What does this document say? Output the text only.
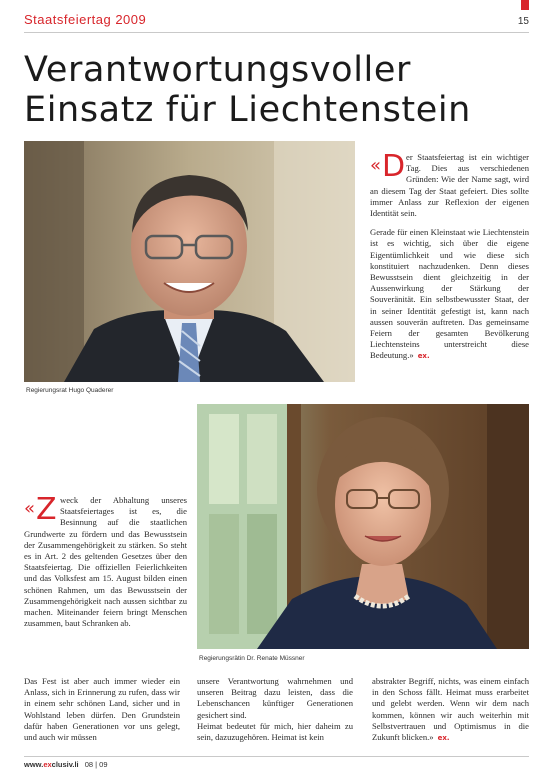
Staatsfeiertag 2009	15
Verantwortungsvoller
Einsatz für Liechtenstein
Regierungsrat Hugo Quaderer
« D er Staatsfeiertag ist ein wichtiger Tag. Dies aus verschiedenen Gründen: Wie der Name sagt, wird an diesem Tag der Staat gefeiert. Dies sollte immer Anlass zur Reflexion der eigenen Identität sein.
Gerade für einen Kleinstaat wie Liechtenstein ist es wichtig, sich über die eigene Eigentümlichkeit und wie diese sich konstituiert nachzudenken. Denn dieses Bewusstsein dient gleichzeitig in der Aussenwirkung der Stärkung der Souveränität. Ein selbstbewusster Staat, der in seiner Identität gefestigt ist, kann nach aussen souverän auftreten. Das gemeinsame Feiern der gesamten Bevölkerung Liechtensteins unterstreicht diese Bedeutung.» ex.
Regierungsrätin Dr. Renate Müssner
« Z weck der Abhaltung unseres Staatsfeiertages ist es, die Besinnung auf die staatlichen Grundwerte zu fördern und das Bewusstsein der Zusammengehörigkeit zu stärken. So steht es in Art. 2 des geltenden Gesetzes über den Staatsfeiertag. Die offiziellen Feierlichkeiten und das Volksfest am 15. August bilden einen schönen Rahmen, um das Bewusstsein der Zusammengehörigkeit nach aussen sichtbar zu machen. Miteinander feiern bringt Menschen zusammen, baut Schranken ab.
Das Fest ist aber auch immer wieder ein Anlass, sich in Erinnerung zu rufen, dass wir in einem sehr schönen Land, sicher und in Wohlstand leben dürfen. Den Grundstein dafür haben Generationen vor uns gelegt, und auch wir müssen
unsere Verantwortung wahrnehmen und unseren Beitrag dazu leisten, dass die Lebenschancen künftiger Generationen gesichert sind.
Heimat bedeutet für mich, hier daheim zu sein, dazuzugehören. Heimat ist kein
abstrakter Begriff, nichts, was einem einfach in den Schoss fällt. Heimat muss erarbeitet und gelebt werden. Wenn wir dem nach kommen, können wir auch weiterhin mit Selbstvertrauen und Optimismus in die Zukunft blicken.» ex.
www.exclusiv.li 08 | 09
